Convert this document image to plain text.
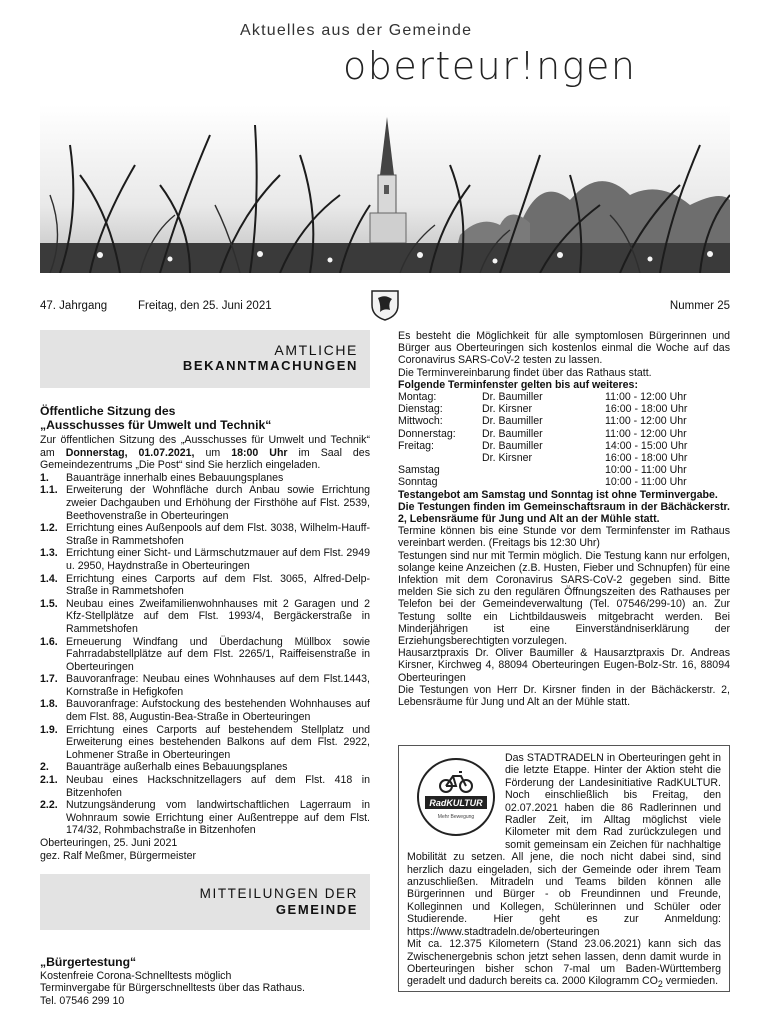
Aktuelles aus der Gemeinde
oberteur!ngen
47. Jahrgang	Freitag, den 25. Juni 2021	Nummer 25
AMTLICHE
BEKANNTMACHUNGEN
Öffentliche Sitzung des
„Ausschusses für Umwelt und Technik“

Zur öffentlichen Sitzung des „Ausschusses für Umwelt und Technik“ am Donnerstag, 01.07.2021, um 18:00 Uhr im Saal des Gemeindezentrums „Die Post“ sind Sie herzlich eingeladen.

1.	Bauanträge innerhalb eines Bebauungsplanes
1.1. Erweiterung der Wohnfläche durch Anbau sowie Errichtung zweier Dachgauben und Erhöhung der Firsthöhe auf Flst. 2539, Beethovenstraße in Oberteuringen
1.2. Errichtung eines Außenpools auf dem Flst. 3038, Wilhelm-Hauff-Straße in Rammetshofen
1.3. Errichtung einer Sicht- und Lärmschutzmauer auf dem Flst. 2949 u. 2950, Haydnstraße in Oberteuringen
1.4. Errichtung eines Carports auf dem Flst. 3065, Alfred-Delp-Straße in Rammetshofen
1.5. Neubau eines Zweifamilienwohnhauses mit 2 Garagen und 2 Kfz-Stellplätze auf dem Flst. 1993/4, Bergäckerstraße in Rammetshofen
1.6. Erneuerung Windfang und Überdachung Müllbox sowie Fahrradabstellplätze auf dem Flst. 2265/1, Raiffeisenstraße in Oberteuringen
1.7. Bauvoranfrage: Neubau eines Wohnhauses auf dem Flst.1443, Kornstraße in Hefigkofen
1.8. Bauvoranfrage: Aufstockung des bestehenden Wohnhauses auf dem Flst. 88, Augustin-Bea-Straße in Oberteuringen
1.9. Errichtung eines Carports auf bestehendem Stellplatz und Erweiterung eines bestehenden Balkons auf dem Flst. 2922, Lohmener Straße in Oberteuringen
2.	Bauanträge außerhalb eines Bebauungsplanes
2.1. Neubau eines Hackschnitzellagers auf dem Flst. 418 in Bitzenhofen
2.2. Nutzungsänderung vom landwirtschaftlichen Lagerraum in Wohnraum sowie Errichtung einer Außentreppe auf dem Flst. 174/32, Rohmbachstraße in Bitzenhofen

Oberteuringen, 25. Juni 2021

gez. Ralf Meßmer, Bürgermeister

MITTEILUNGEN DER
GEMEINDE
„Bürgertestung“

Kostenfreie Corona-Schnelltests möglich

Terminvergabe für Bürgerschnelltests über das Rathaus.

Tel. 07546 299 10

Es besteht die Möglichkeit für alle symptomlosen Bürgerinnen und Bürger aus Oberteuringen sich kostenlos einmal die Woche auf das Coronavirus SARS-CoV-2 testen zu lassen.

Die Terminvereinbarung findet über das Rathaus statt.

Folgende Terminfenster gelten bis auf weiteres:

Montag:	Dr. Baumiller	11:00 - 12:00 Uhr
Dienstag:	Dr. Kirsner	16:00 - 18:00 Uhr
Mittwoch:	Dr. Baumiller	11:00 - 12:00 Uhr
Donnerstag:	Dr. Baumiller	11:00 - 12:00 Uhr
Freitag:	Dr. Baumiller	14:00 - 15:00 Uhr
Dr. Kirsner	16:00 - 18:00 Uhr
Samstag	10:00 - 11:00 Uhr
Sonntag	10:00 - 11:00 Uhr

Testangebot am Samstag und Sonntag ist ohne Terminvergabe.

Die Testungen finden im Gemeinschaftsraum in der Bächäckerstr. 2, Lebensräume für Jung und Alt an der Mühle statt.

Termine können bis eine Stunde vor dem Terminfenster im Rathaus vereinbart werden. (Freitags bis 12:30 Uhr)

Testungen sind nur mit Termin möglich. Die Testung kann nur erfolgen, solange keine Anzeichen (z.B. Husten, Fieber und Schnupfen) für eine Infektion mit dem Coronavirus SARS-CoV-2 gegeben sind. Bitte melden Sie sich zu den regulären Öffnungszeiten des Rathauses per Telefon bei der Gemeindeverwaltung (Tel. 07546/299-10) an. Zur Testung sollte ein Lichtbildausweis mitgebracht werden. Bei Minderjährigen ist eine Einverständniserklärung der Erziehungsberechtigten vorzulegen.

Hausarztpraxis Dr. Oliver Baumiller & Hausarztpraxis Dr. Andreas Kirsner, Kirchweg 4, 88094 Oberteuringen Eugen-Bolz-Str. 16, 88094 Oberteuringen

Die Testungen von Herr Dr. Kirsner finden in der Bächäckerstr. 2, Lebensräume für Jung und Alt an der Mühle statt.

RadKULTUR
Mehr Bewegung

Das STADTRADELN in Oberteuringen geht in die letzte Etappe. Hinter der Aktion steht die Förderung der Landesinitiative RadKULTUR. Noch einschließlich bis Freitag, den 02.07.2021 haben die 86 Radlerinnen und Radler Zeit, im Alltag möglichst viele Kilometer mit dem Rad zurückzulegen und somit gemeinsam ein Zeichen für nachhaltige Mobilität zu setzen. All jene, die noch nicht dabei sind, sind herzlich dazu eingeladen, sich der Gemeinde oder ihrem Team anzuschließen. Mitradeln und Teams bilden können alle Bürgerinnen und Bürger - ob Freundinnen und Freunde, Kolleginnen und Kollegen, Schülerinnen und Schüler oder Studierende. Hier geht es zur Anmeldung: https://www.stadtradeln.de/oberteuringen

Mit ca. 12.375 Kilometern (Stand 23.06.2021) kann sich das Zwischenergebnis schon jetzt sehen lassen, denn damit wurde in Oberteuringen bisher schon 7-mal um Baden-Württemberg geradelt und dadurch bereits ca. 2000 Kilogramm $CO_2$ vermieden.
